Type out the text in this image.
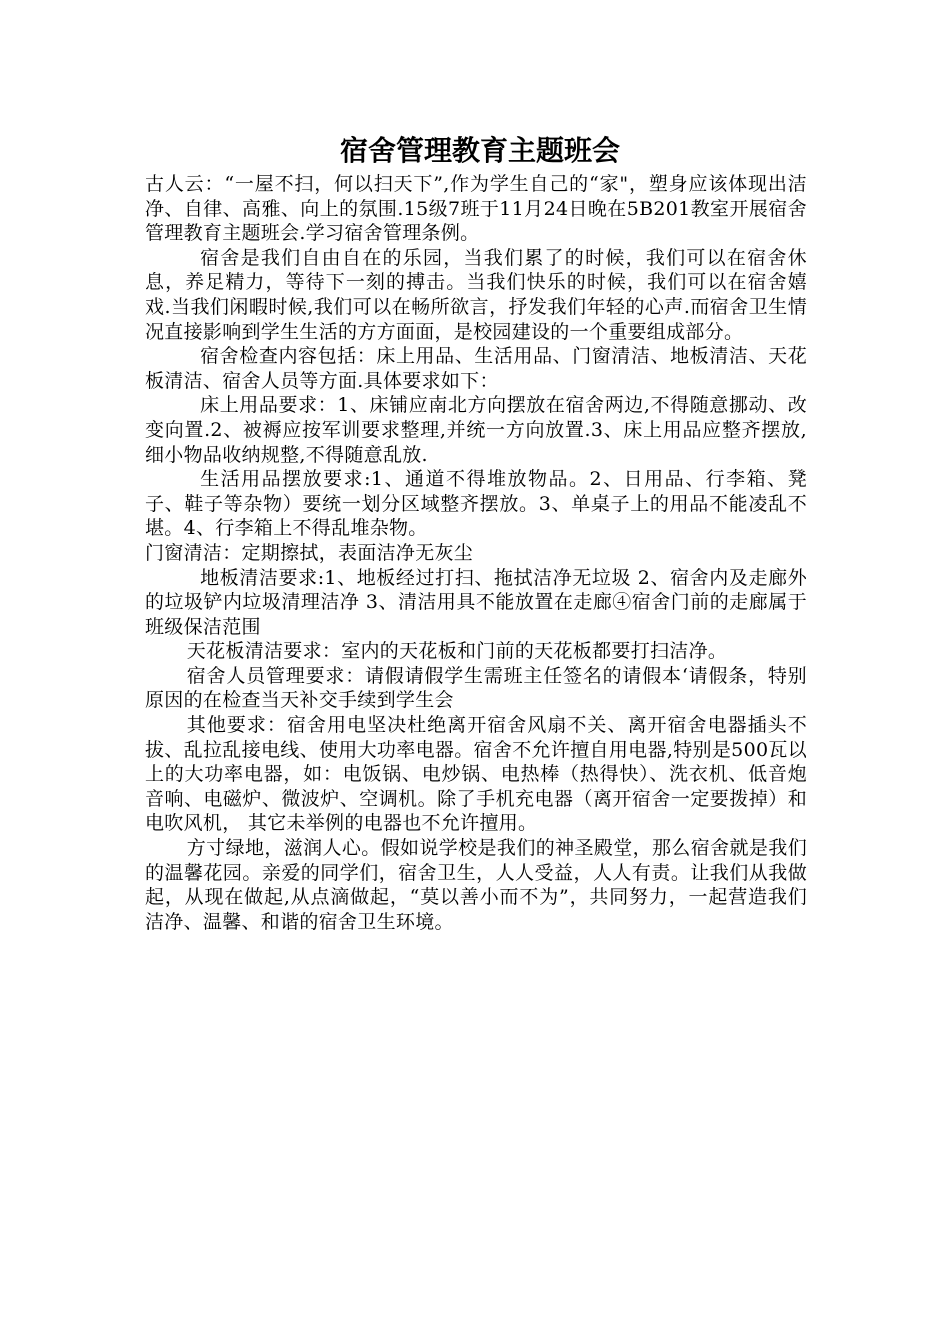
宿舍管理教育主题班会

古人云：“一屋不扫，何以扫天下”,作为学生自己的“家"，塑身应该体现出洁净、自律、高雅、向上的氛围.15级7班于11月24日晚在5B201教室开展宿舍管理教育主题班会.学习宿舍管理条例。

宿舍是我们自由自在的乐园，当我们累了的时候，我们可以在宿舍休息，养足精力，等待下一刻的搏击。当我们快乐的时候，我们可以在宿舍嬉戏.当我们闲暇时候,我们可以在畅所欲言，抒发我们年轻的心声.而宿舍卫生情况直接影响到学生生活的方方面面，是校园建设的一个重要组成部分。

宿舍检查内容包括：床上用品、生活用品、门窗清洁、地板清洁、天花板清洁、宿舍人员等方面.具体要求如下：

床上用品要求：1、床铺应南北方向摆放在宿舍两边,不得随意挪动、改变向置.2、被褥应按军训要求整理,并统一方向放置.3、床上用品应整齐摆放,细小物品收纳规整,不得随意乱放.

生活用品摆放要求:1、通道不得堆放物品。2、日用品、行李箱、凳子、鞋子等杂物）要统一划分区域整齐摆放。3、单桌子上的用品不能凌乱不堪。4、行李箱上不得乱堆杂物。

门窗清洁：定期擦拭，表面洁净无灰尘

地板清洁要求:1、地板经过打扫、拖拭洁净无垃圾 2、宿舍内及走廊外的垃圾铲内垃圾清理洁净 3、清洁用具不能放置在走廊④宿舍门前的走廊属于班级保洁范围

天花板清洁要求：室内的天花板和门前的天花板都要打扫洁净。

宿舍人员管理要求：请假请假学生需班主任签名的请假本‘请假条，特别原因的在检查当天补交手续到学生会

其他要求：宿舍用电坚决杜绝离开宿舍风扇不关、离开宿舍电器插头不拔、乱拉乱接电线、使用大功率电器。宿舍不允许擅自用电器,特别是500瓦以上的大功率电器，如：电饭锅、电炒锅、电热棒（热得快）、洗衣机、低音炮音响、电磁炉、微波炉、空调机。除了手机充电器（离开宿舍一定要拨掉）和电吹风机， 其它未举例的电器也不允许擅用。

方寸绿地，滋润人心。假如说学校是我们的神圣殿堂，那么宿舍就是我们的温馨花园。亲爱的同学们，宿舍卫生，人人受益，人人有责。让我们从我做起，从现在做起,从点滴做起，“莫以善小而不为”，共同努力，一起营造我们洁净、温馨、和谐的宿舍卫生环境。
